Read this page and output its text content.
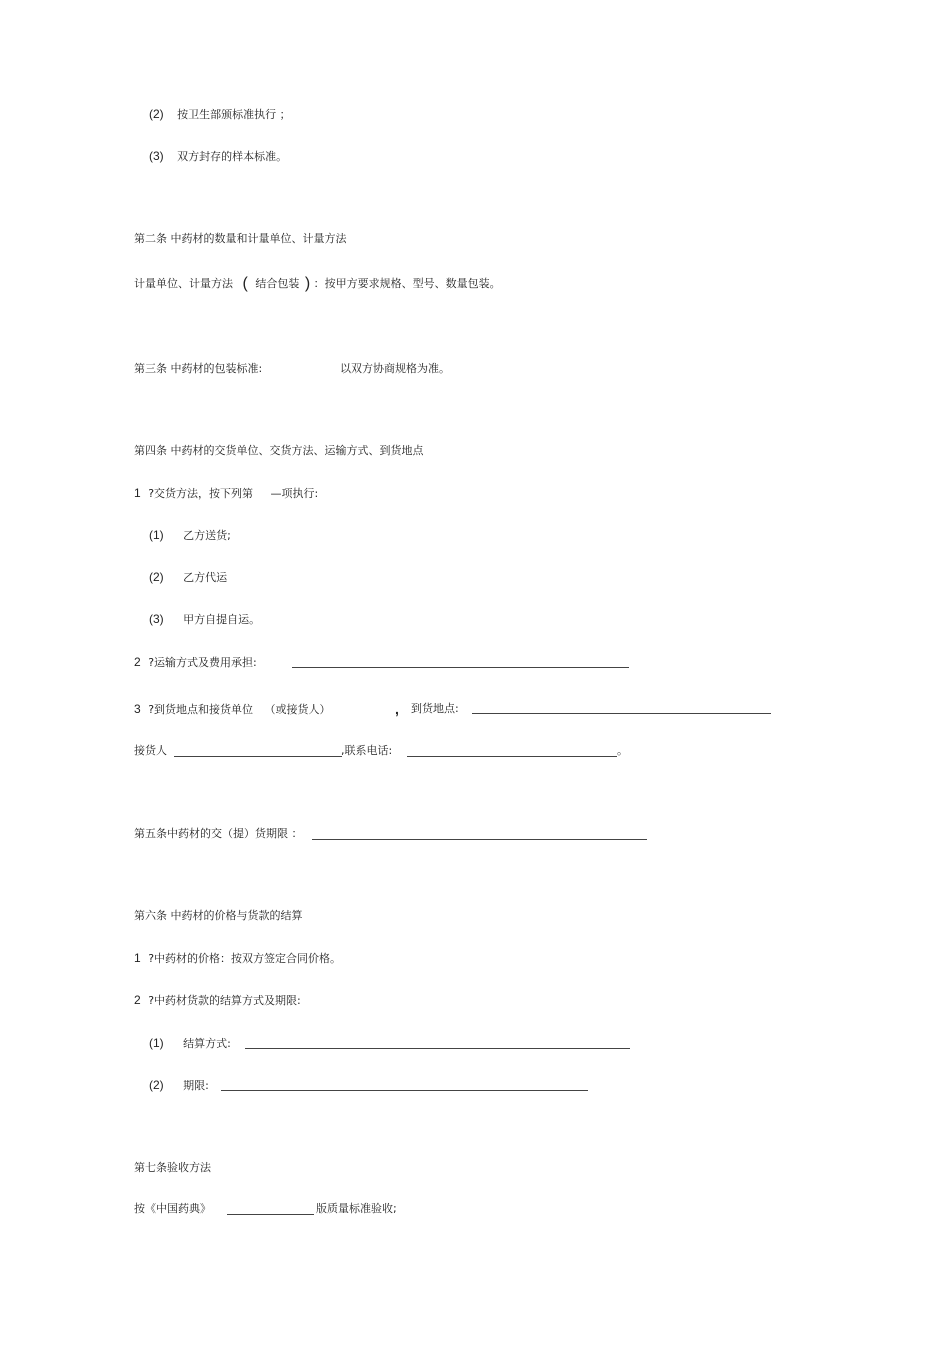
(2) 按卫生部颁标准执行 ；
(3) 双方封存的样本标准。
第二条 中药材的数量和计量单位、计量方法
计量单位、计量方法 ( 结合包装 ) ：按甲方要求规格、型号、数量包装。
第三条 中药材的包装标准:	以双方协商规格为准。
第四条 中药材的交货单位、交货方法、运输方式、到货地点
1 ?交货方法，按下列第 —项执行:
(1) 乙方送货;
(2) 乙方代运
(3) 甲方自提自运。
2 ?运输方式及费用承担:
3 ?到货地点和接货单位 （或接货人）	, 到货地点:
接货人	,联系电话:	。
第五条中药材的交（提）货期限 ：
第六条 中药材的价格与货款的结算
1 ?中药材的价格：按双方签定合同价格。
2 ?中药材货款的结算方式及期限:
(1) 结算方式:
(2) 期限:
第七条验收方法
按《中国药典》	版质量标准验收;
